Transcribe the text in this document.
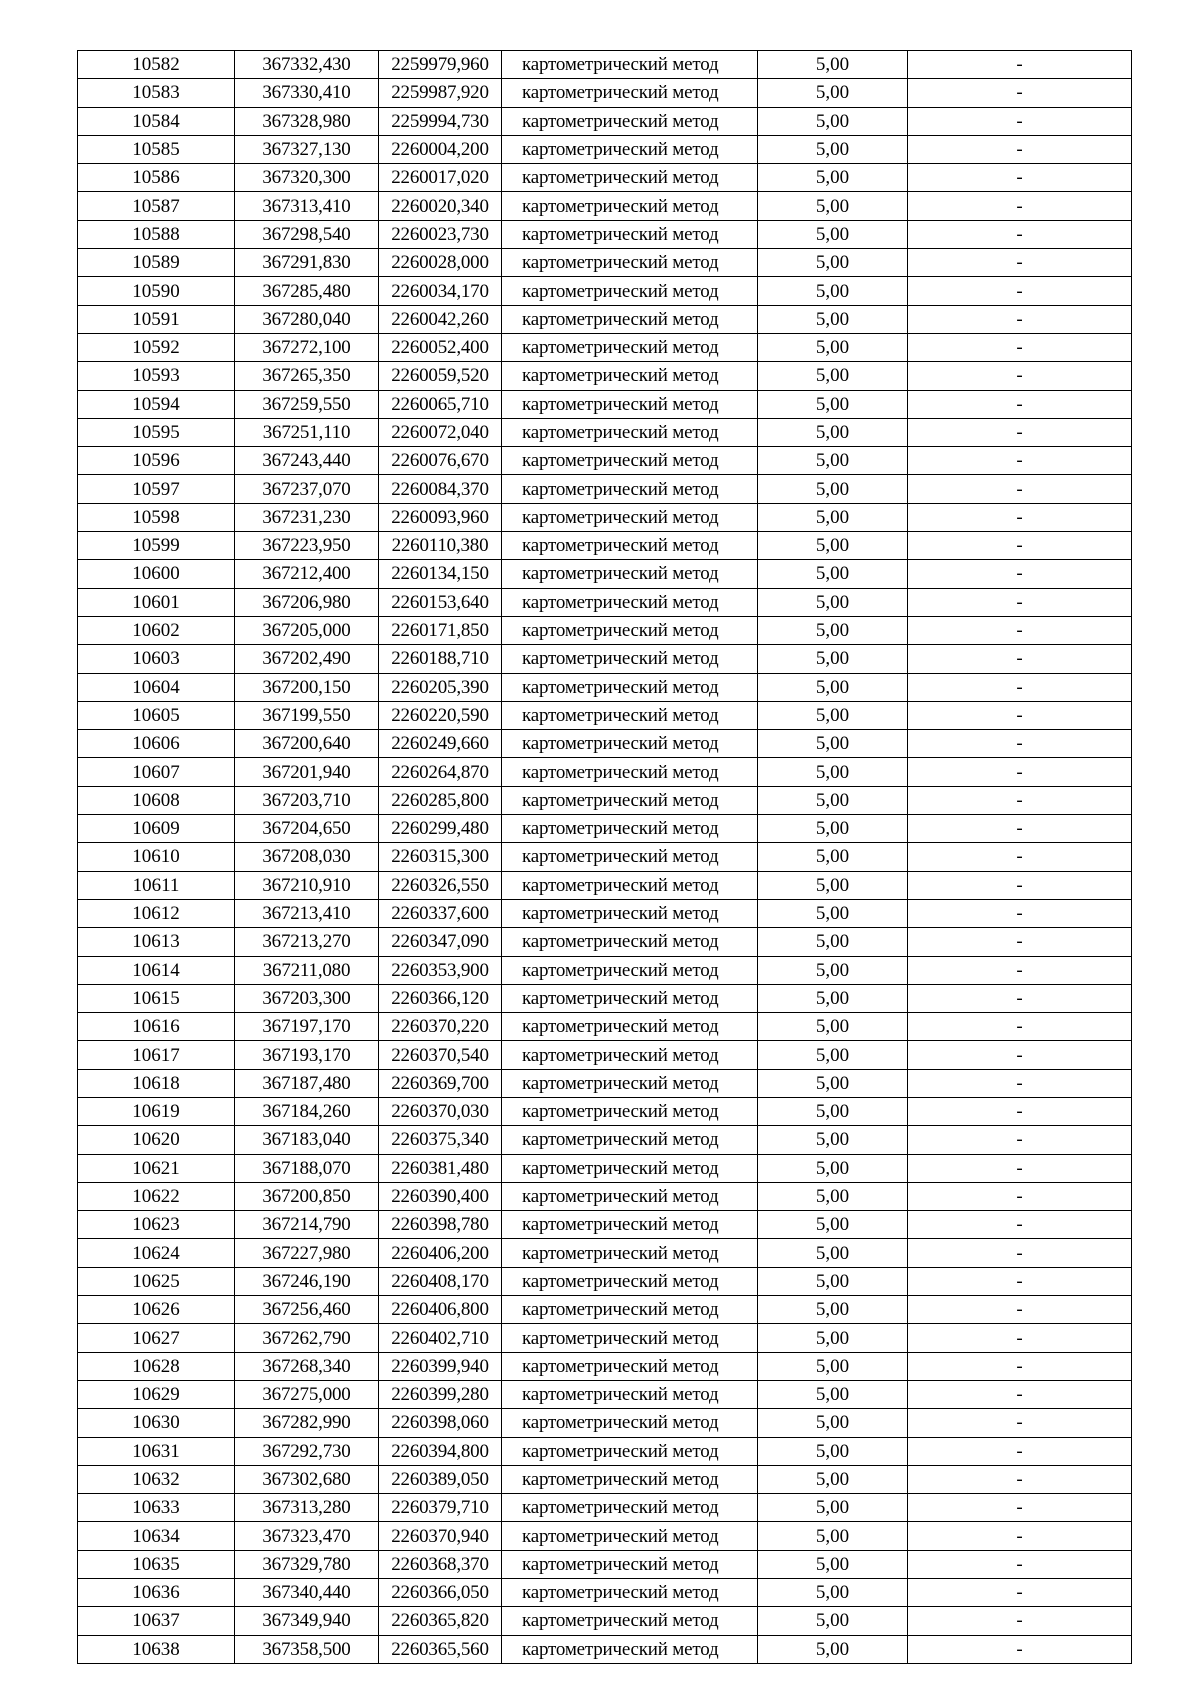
10582	367332,430	2259979,960	картометрический метод	5,00	-
10583	367330,410	2259987,920	картометрический метод	5,00	-
10584	367328,980	2259994,730	картометрический метод	5,00	-
10585	367327,130	2260004,200	картометрический метод	5,00	-
10586	367320,300	2260017,020	картометрический метод	5,00	-
10587	367313,410	2260020,340	картометрический метод	5,00	-
10588	367298,540	2260023,730	картометрический метод	5,00	-
10589	367291,830	2260028,000	картометрический метод	5,00	-
10590	367285,480	2260034,170	картометрический метод	5,00	-
10591	367280,040	2260042,260	картометрический метод	5,00	-
10592	367272,100	2260052,400	картометрический метод	5,00	-
10593	367265,350	2260059,520	картометрический метод	5,00	-
10594	367259,550	2260065,710	картометрический метод	5,00	-
10595	367251,110	2260072,040	картометрический метод	5,00	-
10596	367243,440	2260076,670	картометрический метод	5,00	-
10597	367237,070	2260084,370	картометрический метод	5,00	-
10598	367231,230	2260093,960	картометрический метод	5,00	-
10599	367223,950	2260110,380	картометрический метод	5,00	-
10600	367212,400	2260134,150	картометрический метод	5,00	-
10601	367206,980	2260153,640	картометрический метод	5,00	-
10602	367205,000	2260171,850	картометрический метод	5,00	-
10603	367202,490	2260188,710	картометрический метод	5,00	-
10604	367200,150	2260205,390	картометрический метод	5,00	-
10605	367199,550	2260220,590	картометрический метод	5,00	-
10606	367200,640	2260249,660	картометрический метод	5,00	-
10607	367201,940	2260264,870	картометрический метод	5,00	-
10608	367203,710	2260285,800	картометрический метод	5,00	-
10609	367204,650	2260299,480	картометрический метод	5,00	-
10610	367208,030	2260315,300	картометрический метод	5,00	-
10611	367210,910	2260326,550	картометрический метод	5,00	-
10612	367213,410	2260337,600	картометрический метод	5,00	-
10613	367213,270	2260347,090	картометрический метод	5,00	-
10614	367211,080	2260353,900	картометрический метод	5,00	-
10615	367203,300	2260366,120	картометрический метод	5,00	-
10616	367197,170	2260370,220	картометрический метод	5,00	-
10617	367193,170	2260370,540	картометрический метод	5,00	-
10618	367187,480	2260369,700	картометрический метод	5,00	-
10619	367184,260	2260370,030	картометрический метод	5,00	-
10620	367183,040	2260375,340	картометрический метод	5,00	-
10621	367188,070	2260381,480	картометрический метод	5,00	-
10622	367200,850	2260390,400	картометрический метод	5,00	-
10623	367214,790	2260398,780	картометрический метод	5,00	-
10624	367227,980	2260406,200	картометрический метод	5,00	-
10625	367246,190	2260408,170	картометрический метод	5,00	-
10626	367256,460	2260406,800	картометрический метод	5,00	-
10627	367262,790	2260402,710	картометрический метод	5,00	-
10628	367268,340	2260399,940	картометрический метод	5,00	-
10629	367275,000	2260399,280	картометрический метод	5,00	-
10630	367282,990	2260398,060	картометрический метод	5,00	-
10631	367292,730	2260394,800	картометрический метод	5,00	-
10632	367302,680	2260389,050	картометрический метод	5,00	-
10633	367313,280	2260379,710	картометрический метод	5,00	-
10634	367323,470	2260370,940	картометрический метод	5,00	-
10635	367329,780	2260368,370	картометрический метод	5,00	-
10636	367340,440	2260366,050	картометрический метод	5,00	-
10637	367349,940	2260365,820	картометрический метод	5,00	-
10638	367358,500	2260365,560	картометрический метод	5,00	-
